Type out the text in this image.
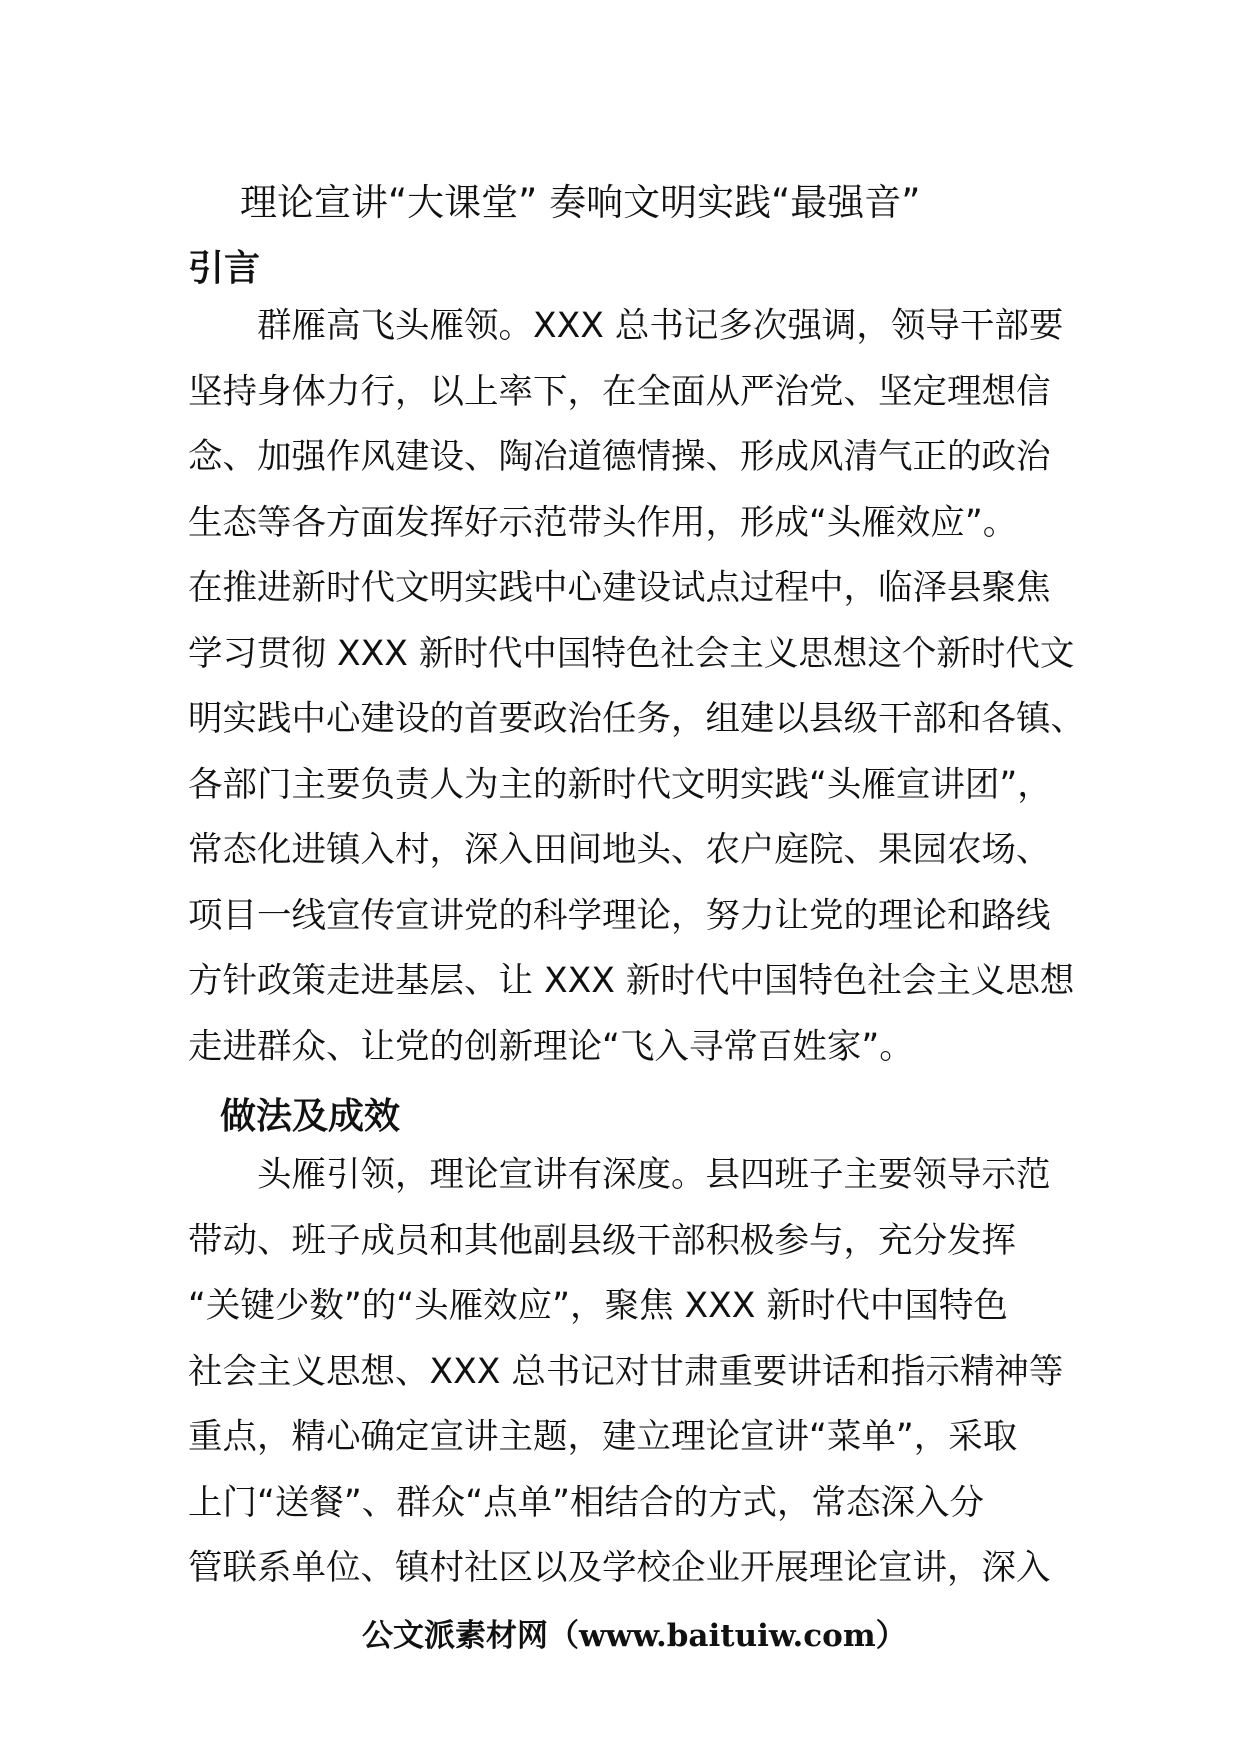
理论宣讲“大课堂” 奏响文明实践“最强音”
引言
　　群雁高飞头雁领。XXX 总书记多次强调，领导干部要
坚持身体力行，以上率下，在全面从严治党、坚定理想信
念、加强作风建设、陶冶道德情操、形成风清气正的政治
生态等各方面发挥好示范带头作用，形成“头雁效应”。
在推进新时代文明实践中心建设试点过程中，临泽县聚焦
学习贯彻 XXX 新时代中国特色社会主义思想这个新时代文
明实践中心建设的首要政治任务，组建以县级干部和各镇、
各部门主要负责人为主的新时代文明实践“头雁宣讲团”，
常态化进镇入村，深入田间地头、农户庭院、果园农场、
项目一线宣传宣讲党的科学理论，努力让党的理论和路线
方针政策走进基层、让 XXX 新时代中国特色社会主义思想
走进群众、让党的创新理论“飞入寻常百姓家”。
做法及成效
　　头雁引领，理论宣讲有深度。县四班子主要领导示范
带动、班子成员和其他副县级干部积极参与，充分发挥
“关键少数”的“头雁效应”，聚焦 XXX 新时代中国特色
社会主义思想、XXX 总书记对甘肃重要讲话和指示精神等
重点，精心确定宣讲主题，建立理论宣讲“菜单”，采取
上门“送餐”、群众“点单”相结合的方式，常态深入分
管联系单位、镇村社区以及学校企业开展理论宣讲，深入
公文派素材网（www.baituiw.com）
